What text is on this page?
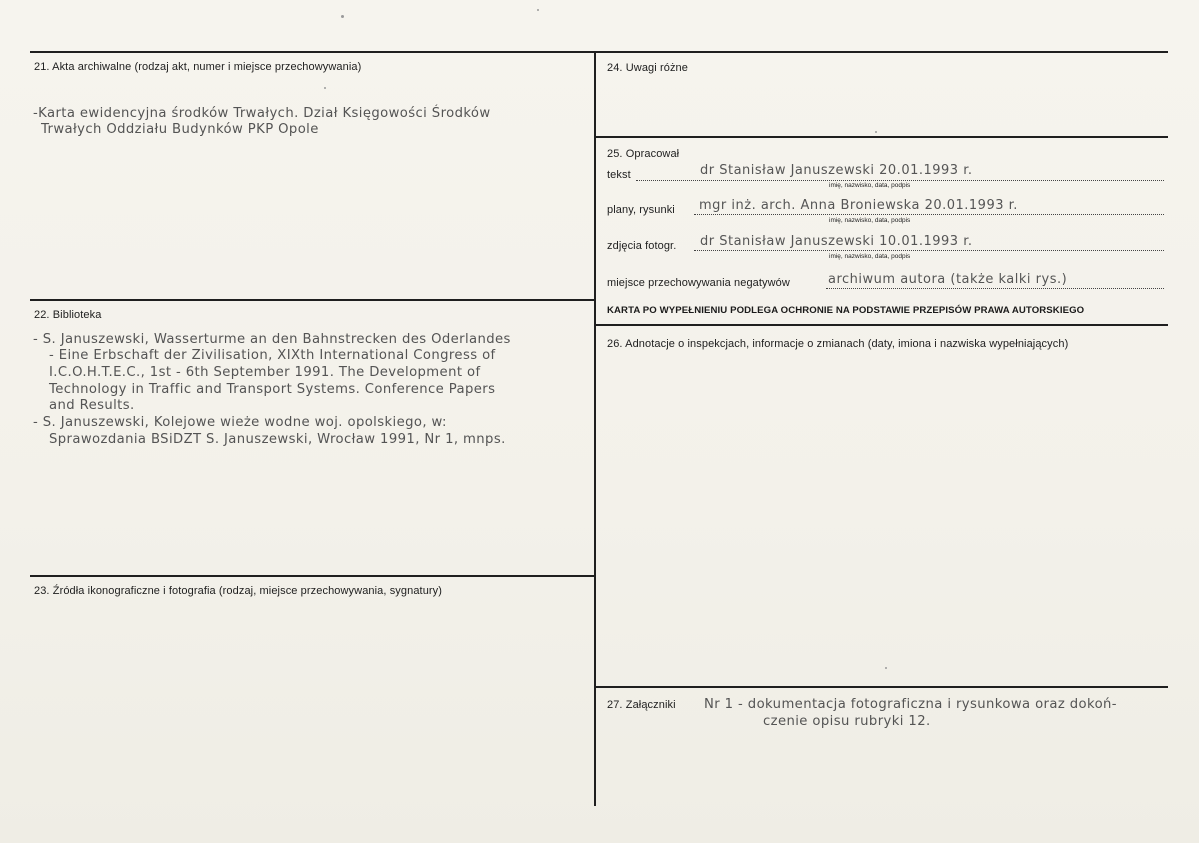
21. Akta archiwalne (rodzaj akt, numer i miejsce przechowywania)
-Karta ewidencyjna środków Trwałych. Dział Księgowości Środków
Trwałych Oddziału Budynków PKP Opole
22. Biblioteka
- S. Januszewski, Wasserturme an den Bahnstrecken des Oderlandes
- Eine Erbschaft der Zivilisation, XIXth International Congress of
I.C.O.H.T.E.C., 1st - 6th September 1991. The Development of
Technology in Traffic and Transport Systems. Conference Papers
and Results.
- S. Januszewski, Kolejowe wieże wodne woj. opolskiego, w:
Sprawozdania BSiDZT S. Januszewski, Wrocław 1991, Nr 1, mnps.
23. Źródła ikonograficzne i fotografia (rodzaj, miejsce przechowywania, sygnatury)
24. Uwagi różne
25. Opracował
tekst	dr Stanisław Januszewski 20.01.1993 r.
imię, nazwisko, data, podpis
plany, rysunki mgr inż. arch. Anna Broniewska 20.01.1993 r.
imię, nazwisko, data, podpis
zdjęcia fotogr. dr Stanisław Januszewski 10.01.1993 r.
imię, nazwisko, data, podpis
miejsce przechowywania negatywów	archiwum autora (także kalki rys.)
KARTA PO WYPEŁNIENIU PODLEGA OCHRONIE NA PODSTAWIE PRZEPISÓW PRAWA AUTORSKIEGO
26. Adnotacje o inspekcjach, informacje o zmianach (daty, imiona i nazwiska wypełniających)
27. Załączniki Nr 1 - dokumentacja fotograficzna i rysunkowa oraz dokoń-
czenie opisu rubryki 12.
